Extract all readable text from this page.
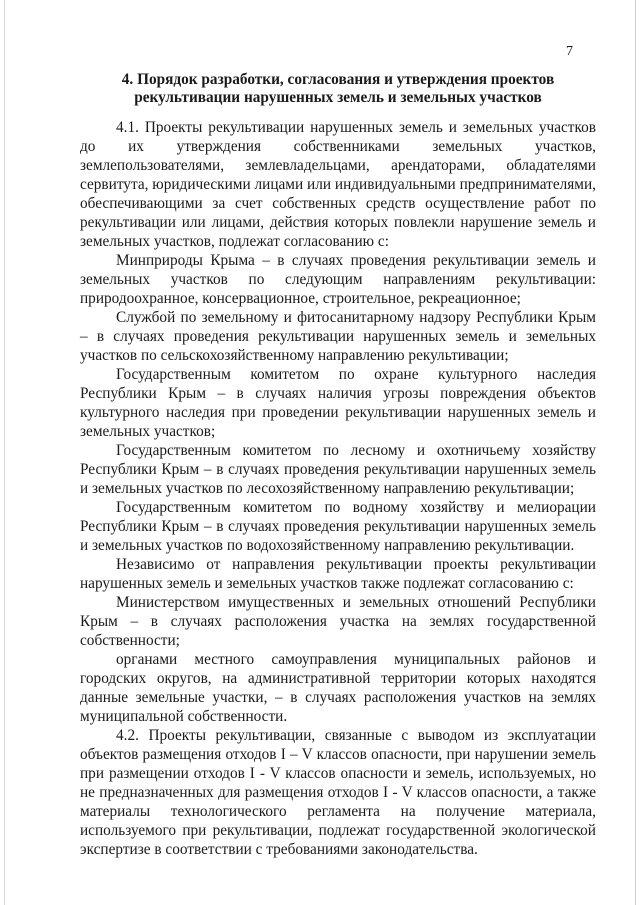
7
4. Порядок разработки, согласования и утверждения проектов рекультивации нарушенных земель и земельных участков

4.1. Проекты рекультивации нарушенных земель и земельных участков до их утверждения собственниками земельных участков, землепользователями, землевладельцами, арендаторами, обладателями сервитута, юридическими лицами или индивидуальными предпринимателями, обеспечивающими за счет собственных средств осуществление работ по рекультивации или лицами, действия которых повлекли нарушение земель и земельных участков, подлежат согласованию с:

Минприроды Крыма – в случаях проведения рекультивации земель и земельных участков по следующим направлениям рекультивации: природоохранное, консервационное, строительное, рекреационное;

Службой по земельному и фитосанитарному надзору Республики Крым – в случаях проведения рекультивации нарушенных земель и земельных участков по сельскохозяйственному направлению рекультивации;

Государственным комитетом по охране культурного наследия Республики Крым – в случаях наличия угрозы повреждения объектов культурного наследия при проведении рекультивации нарушенных земель и земельных участков;

Государственным комитетом по лесному и охотничьему хозяйству Республики Крым – в случаях проведения рекультивации нарушенных земель и земельных участков по лесохозяйственному направлению рекультивации;

Государственным комитетом по водному хозяйству и мелиорации Республики Крым – в случаях проведения рекультивации нарушенных земель и земельных участков по водохозяйственному направлению рекультивации.

Независимо от направления рекультивации проекты рекультивации нарушенных земель и земельных участков также подлежат согласованию с:

Министерством имущественных и земельных отношений Республики Крым – в случаях расположения участка на землях государственной собственности;

органами местного самоуправления муниципальных районов и городских округов, на административной территории которых находятся данные земельные участки, – в случаях расположения участков на землях муниципальной собственности.

4.2. Проекты рекультивации, связанные с выводом из эксплуатации объектов размещения отходов I – V классов опасности, при нарушении земель при размещении отходов I - V классов опасности и земель, используемых, но не предназначенных для размещения отходов I - V классов опасности, а также материалы технологического регламента на получение материала, используемого при рекультивации, подлежат государственной экологической экспертизе в соответствии с требованиями законодательства.
